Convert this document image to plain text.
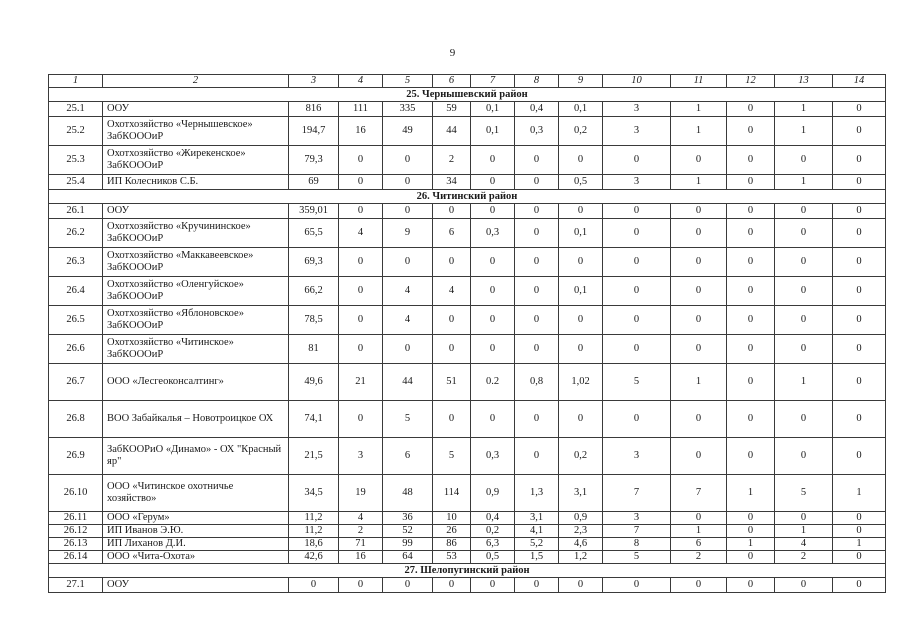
9
1	2	3	4	5	6	7	8	9	10	11	12	13	14
25. Чернышевский район													
25.1	ООУ	816	111	335	59	0,1	0,4	0,1	3	1	0	1	0
25.2	Охотхозяйство «Чернышевское» ЗабКОООиР	194,7	16	49	44	0,1	0,3	0,2	3	1	0	1	0
25.3	Охотхозяйство «Жирекенское» ЗабКОООиР	79,3	0	0	2	0	0	0	0	0	0	0	0
25.4	ИП Колесников С.Б.	69	0	0	34	0	0	0,5	3	1	0	1	0
26. Читинский район													
26.1	ООУ	359,01	0	0	0	0	0	0	0	0	0	0	0
26.2	Охотхозяйство «Кручининское» ЗабКОООиР	65,5	4	9	6	0,3	0	0,1	0	0	0	0	0
26.3	Охотхозяйство «Маккавеевское» ЗабКОООиР	69,3	0	0	0	0	0	0	0	0	0	0	0
26.4	Охотхозяйство «Оленгуйское» ЗабКОООиР	66,2	0	4	4	0	0	0,1	0	0	0	0	0
26.5	Охотхозяйство «Яблоновское» ЗабКОООиР	78,5	0	4	0	0	0	0	0	0	0	0	0
26.6	Охотхозяйство «Читинское» ЗабКОООиР	81	0	0	0	0	0	0	0	0	0	0	0
26.7	ООО «Лесгеоконсалтинг»	49,6	21	44	51	0.2	0,8	1,02	5	1	0	1	0
26.8	ВОО Забайкалья – Новотроицкое ОХ	74,1	0	5	0	0	0	0	0	0	0	0	0
26.9	ЗабКООРиО «Динамо» - ОХ "Красный яр"	21,5	3	6	5	0,3	0	0,2	3	0	0	0	0
26.10	ООО «Читинское охотничье хозяйство»	34,5	19	48	114	0,9	1,3	3,1	7	7	1	5	1
26.11	ООО «Герум»	11,2	4	36	10	0,4	3,1	0,9	3	0	0	0	0
26.12	ИП Иванов Э.Ю.	11,2	2	52	26	0,2	4,1	2,3	7	1	0	1	0
26.13	ИП Лиханов Д.И.	18,6	71	99	86	6,3	5,2	4,6	8	6	1	4	1
26.14	ООО «Чита-Охота»	42,6	16	64	53	0,5	1,5	1,2	5	2	0	2	0
27. Шелопугинский район													
27.1	ООУ	0	0	0	0	0	0	0	0	0	0	0	0
